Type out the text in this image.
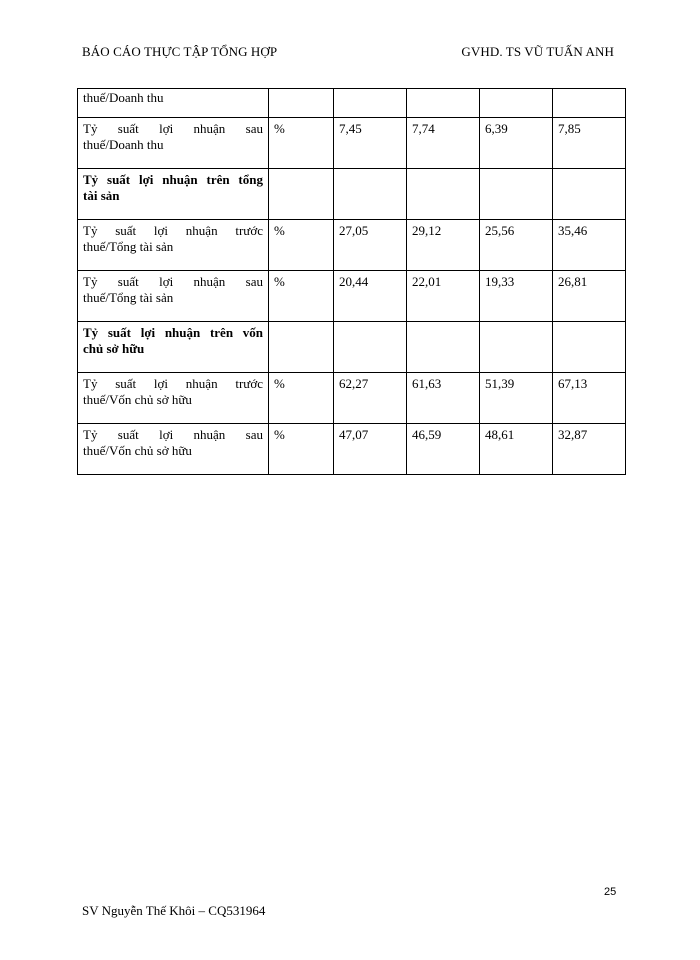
BÁO CÁO THỰC TẬP TỔNG HỢP	GVHD. TS VŨ TUẤN ANH
thuế/Doanh thu					

Tỷ suất lợi nhuận sau
thuế/Doanh thu	%	7,45	7,74	6,39	7,85

Tỷ suất lợi nhuận trên tổng
tài sản					

Tỷ suất lợi nhuận trước
thuế/Tổng tài sản	%	27,05	29,12	25,56	35,46

Tỷ suất lợi nhuận sau
thuế/Tổng tài sản	%	20,44	22,01	19,33	26,81

Tỷ suất lợi nhuận trên vốn
chủ sở hữu					

Tỷ suất lợi nhuận trước
thuế/Vốn chủ sở hữu	%	62,27	61,63	51,39	67,13

Tỷ suất lợi nhuận sau
thuế/Vốn chủ sở hữu	%	47,07	46,59	48,61	32,87
25
SV Nguyễn Thế Khôi – CQ531964
